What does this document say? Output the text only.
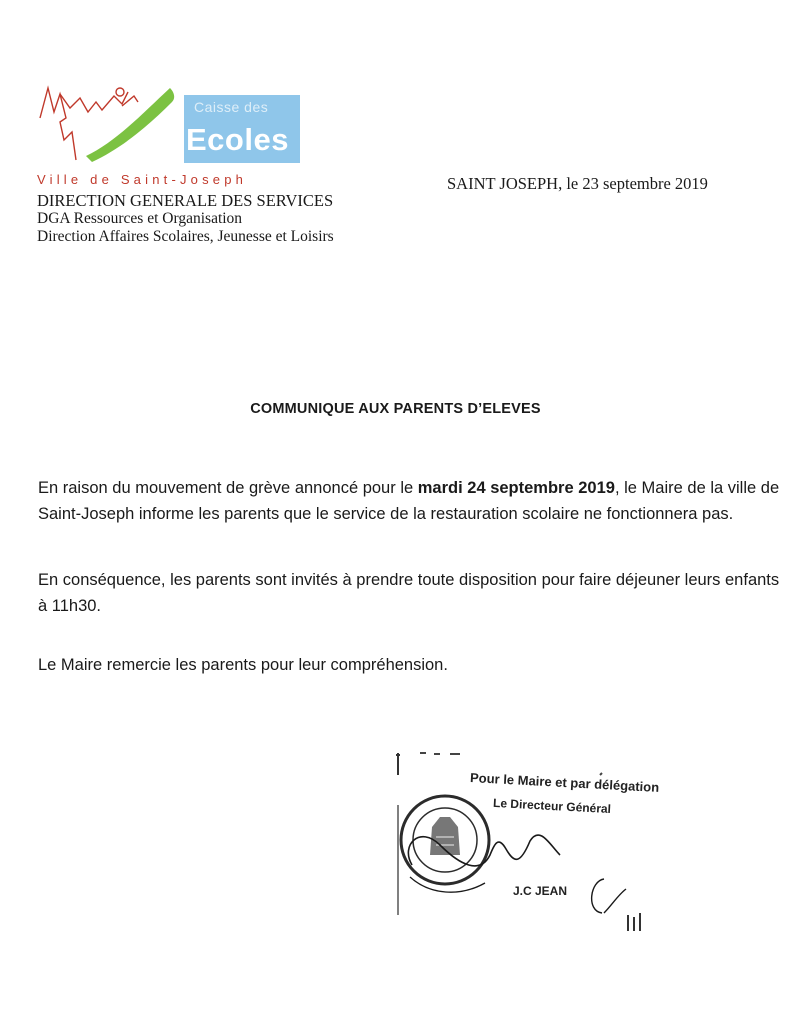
Caisse des
Ecoles
Ville de Saint-Joseph
DIRECTION GENERALE DES SERVICES
DGA Ressources et Organisation
Direction Affaires Scolaires, Jeunesse et Loisirs
SAINT JOSEPH, le 23 septembre 2019
COMMUNIQUE AUX PARENTS D’ELEVES

En raison du mouvement de grève annoncé pour le mardi 24 septembre 2019, le Maire de la ville de Saint-Joseph informe les parents que le service de la restauration scolaire ne fonctionnera pas.

En conséquence, les parents sont invités à prendre toute disposition pour faire déjeuner leurs enfants à 11h30.

Le Maire remercie les parents pour leur compréhension.

Pour le Maire et par délégation
Le Directeur Général
J.C JEAN
